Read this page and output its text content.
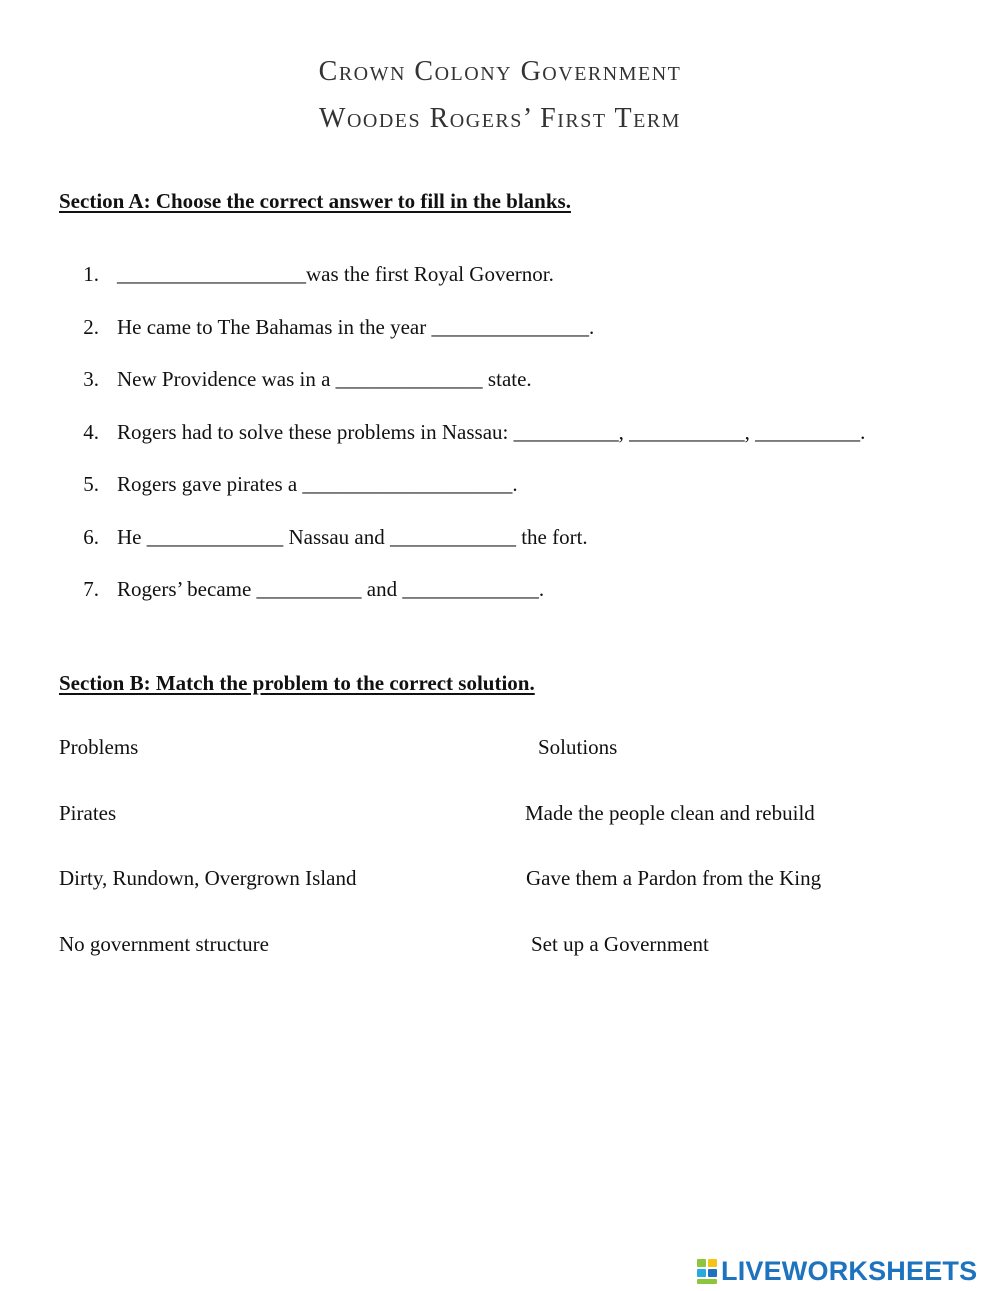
Crown Colony Government
Woodes Rogers’ First Term
Section A: Choose the correct answer to fill in the blanks.
1. __________________was the first Royal Governor.
2. He came to The Bahamas in the year _______________.
3. New Providence was in a ______________ state.
4. Rogers had to solve these problems in Nassau: __________, ___________, __________.
5. Rogers gave pirates a ____________________.
6. He _____________ Nassau and ____________ the fort.
7. Rogers’ became __________ and _____________.
Section B: Match the problem to the correct solution.
Problems	Solutions
Pirates	Made the people clean and rebuild
Dirty, Rundown, Overgrown Island	Gave them a Pardon from the King
No government structure	Set up a Government
LIVEWORKSHEETS
